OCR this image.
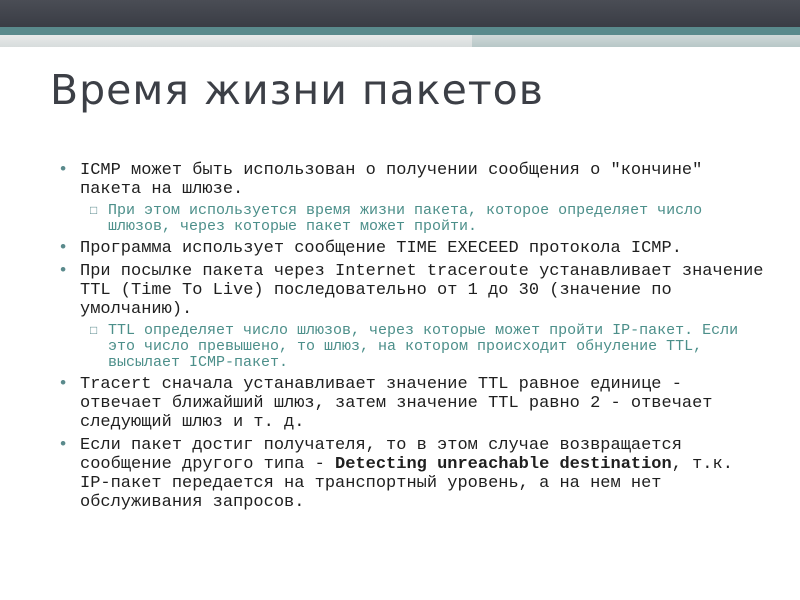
Время жизни пакетов
• ICMP может быть использован о получении сообщения о "кончине" пакета на шлюзе.
□ При этом используется время жизни пакета, которое определяет число шлюзов, через которые пакет может пройти.
• Программа использует сообщение TIME EXECEED протокола ICMP.
• При посылке пакета через Internet traceroute устанавливает значение TTL (Time To Live) последовательно от 1 до 30 (значение по умолчанию).
□ TTL определяет число шлюзов, через которые может пройти IP-пакет. Если это число превышено, то шлюз, на котором происходит обнуление TTL, высылает ICMP-пакет.
• Tracert сначала устанавливает значение TTL равное единице - отвечает ближайший шлюз, затем значение TTL равно 2 - отвечает следующий шлюз и т. д.
• Если пакет достиг получателя, то в этом случае возвращается сообщение другого типа - Detecting unreachable destination, т.к. IP-пакет передается на транспортный уровень, а на нем нет обслуживания запросов.
